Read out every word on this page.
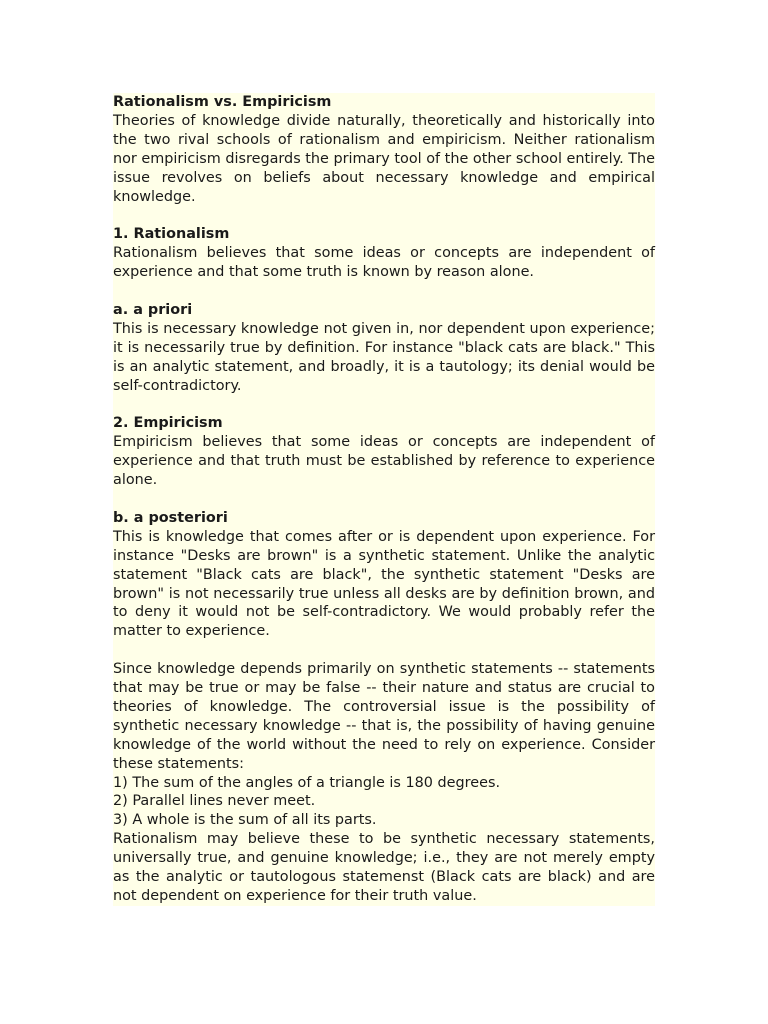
Rationalism vs. Empiricism

Theories of knowledge divide naturally, theoretically and historically into the two rival schools of rationalism and empiricism. Neither rationalism nor empiricism disregards the primary tool of the other school entirely. The issue revolves on beliefs about necessary knowledge and empirical knowledge.

1. Rationalism

Rationalism believes that some ideas or concepts are independent of experience and that some truth is known by reason alone.

a. a priori

This is necessary knowledge not given in, nor dependent upon experience; it is necessarily true by definition. For instance "black cats are black." This is an analytic statement, and broadly, it is a tautology; its denial would be self-contradictory.

2. Empiricism

Empiricism believes that some ideas or concepts are independent of experience and that truth must be established by reference to experience alone.

b. a posteriori

This is knowledge that comes after or is dependent upon experience. For instance "Desks are brown" is a synthetic statement. Unlike the analytic statement "Black cats are black", the synthetic statement "Desks are brown" is not necessarily true unless all desks are by definition brown, and to deny it would not be self-contradictory. We would probably refer the matter to experience.

Since knowledge depends primarily on synthetic statements -- statements that may be true or may be false -- their nature and status are crucial to theories of knowledge. The controversial issue is the possibility of synthetic necessary knowledge -- that is, the possibility of having genuine knowledge of the world without the need to rely on experience. Consider these statements:

1) The sum of the angles of a triangle is 180 degrees.

2) Parallel lines never meet.

3) A whole is the sum of all its parts.

Rationalism may believe these to be synthetic necessary statements, universally true, and genuine knowledge; i.e., they are not merely empty as the analytic or tautologous statemenst (Black cats are black) and are not dependent on experience for their truth value.
